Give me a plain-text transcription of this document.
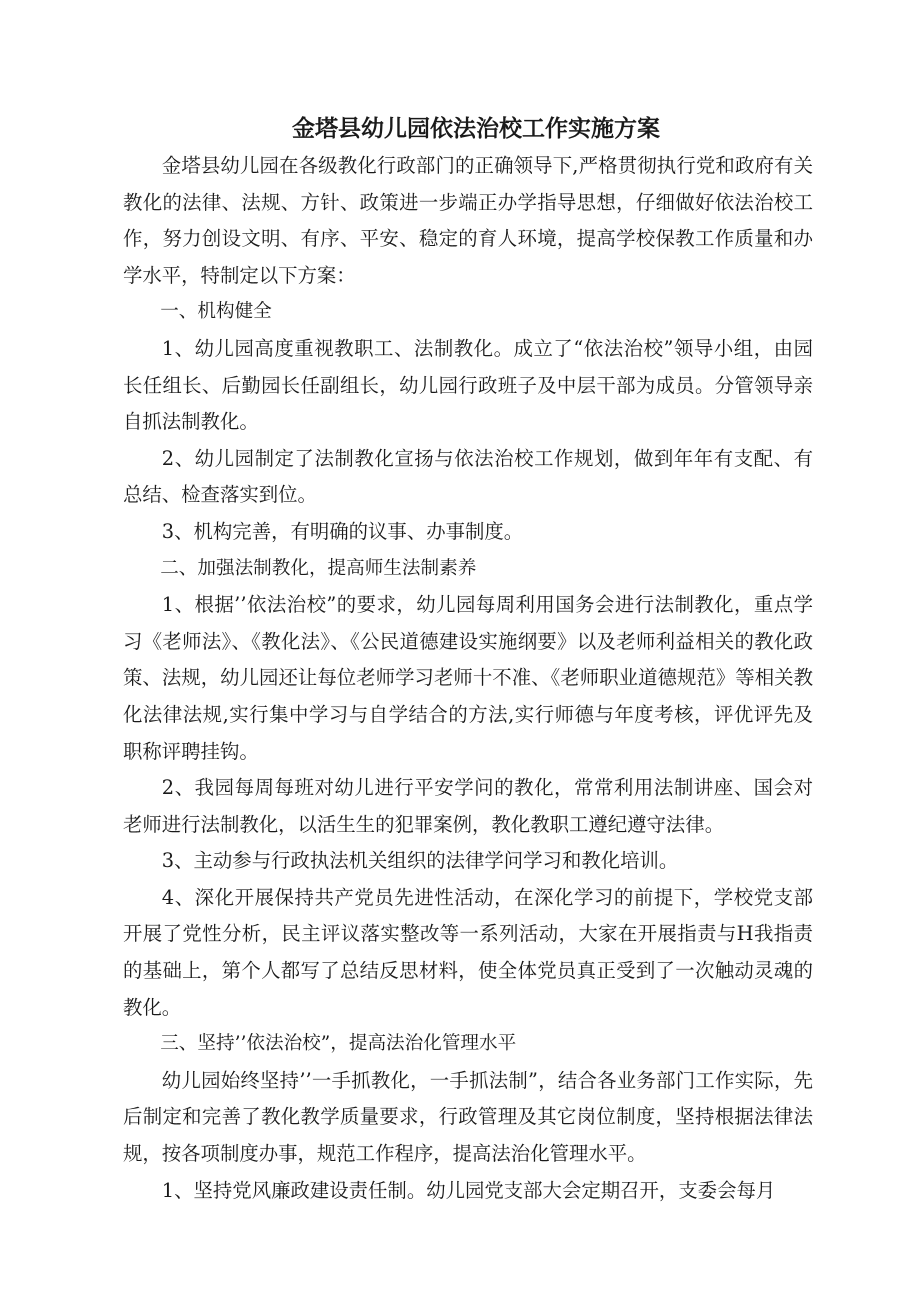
金塔县幼儿园依法治校工作实施方案

金塔县幼儿园在各级教化行政部门的正确领导下,严格贯彻执行党和政府有关教化的法律、法规、方针、政策进一步端正办学指导思想，仔细做好依法治校工作，努力创设文明、有序、平安、稳定的育人环境，提高学校保教工作质量和办学水平，特制定以下方案：

一、机构健全

1、幼儿园高度重视教职工、法制教化。成立了“依法治校”领导小组，由园长任组长、后勤园长任副组长，幼儿园行政班子及中层干部为成员。分管领导亲自抓法制教化。

2、幼儿园制定了法制教化宣扬与依法治校工作规划，做到年年有支配、有总结、检查落实到位。

3、机构完善，有明确的议事、办事制度。

二、加强法制教化，提高师生法制素养

1、根据’’依法治校”的要求，幼儿园每周利用国务会进行法制教化，重点学习《老师法》、《教化法》、《公民道德建设实施纲要》以及老师利益相关的教化政策、法规，幼儿园还让每位老师学习老师十不准、《老师职业道德规范》等相关教化法律法规,实行集中学习与自学结合的方法,实行师德与年度考核，评优评先及职称评聘挂钩。

2、我园每周每班对幼儿进行平安学问的教化，常常利用法制讲座、国会对老师进行法制教化，以活生生的犯罪案例，教化教职工遵纪遵守法律。

3、主动参与行政执法机关组织的法律学问学习和教化培训。

4、深化开展保持共产党员先进性活动，在深化学习的前提下，学校党支部开展了党性分析，民主评议落实整改等一系列活动，大家在开展指责与H我指责的基础上，第个人都写了总结反思材料，使全体党员真正受到了一次触动灵魂的教化。

三、坚持’’依法治校”，提高法治化管理水平

幼儿园始终坚持’’一手抓教化，一手抓法制”，结合各业务部门工作实际，先后制定和完善了教化教学质量要求，行政管理及其它岗位制度，坚持根据法律法规，按各项制度办事，规范工作程序，提高法治化管理水平。

1、坚持党风廉政建设责任制。幼儿园党支部大会定期召开，支委会每月
